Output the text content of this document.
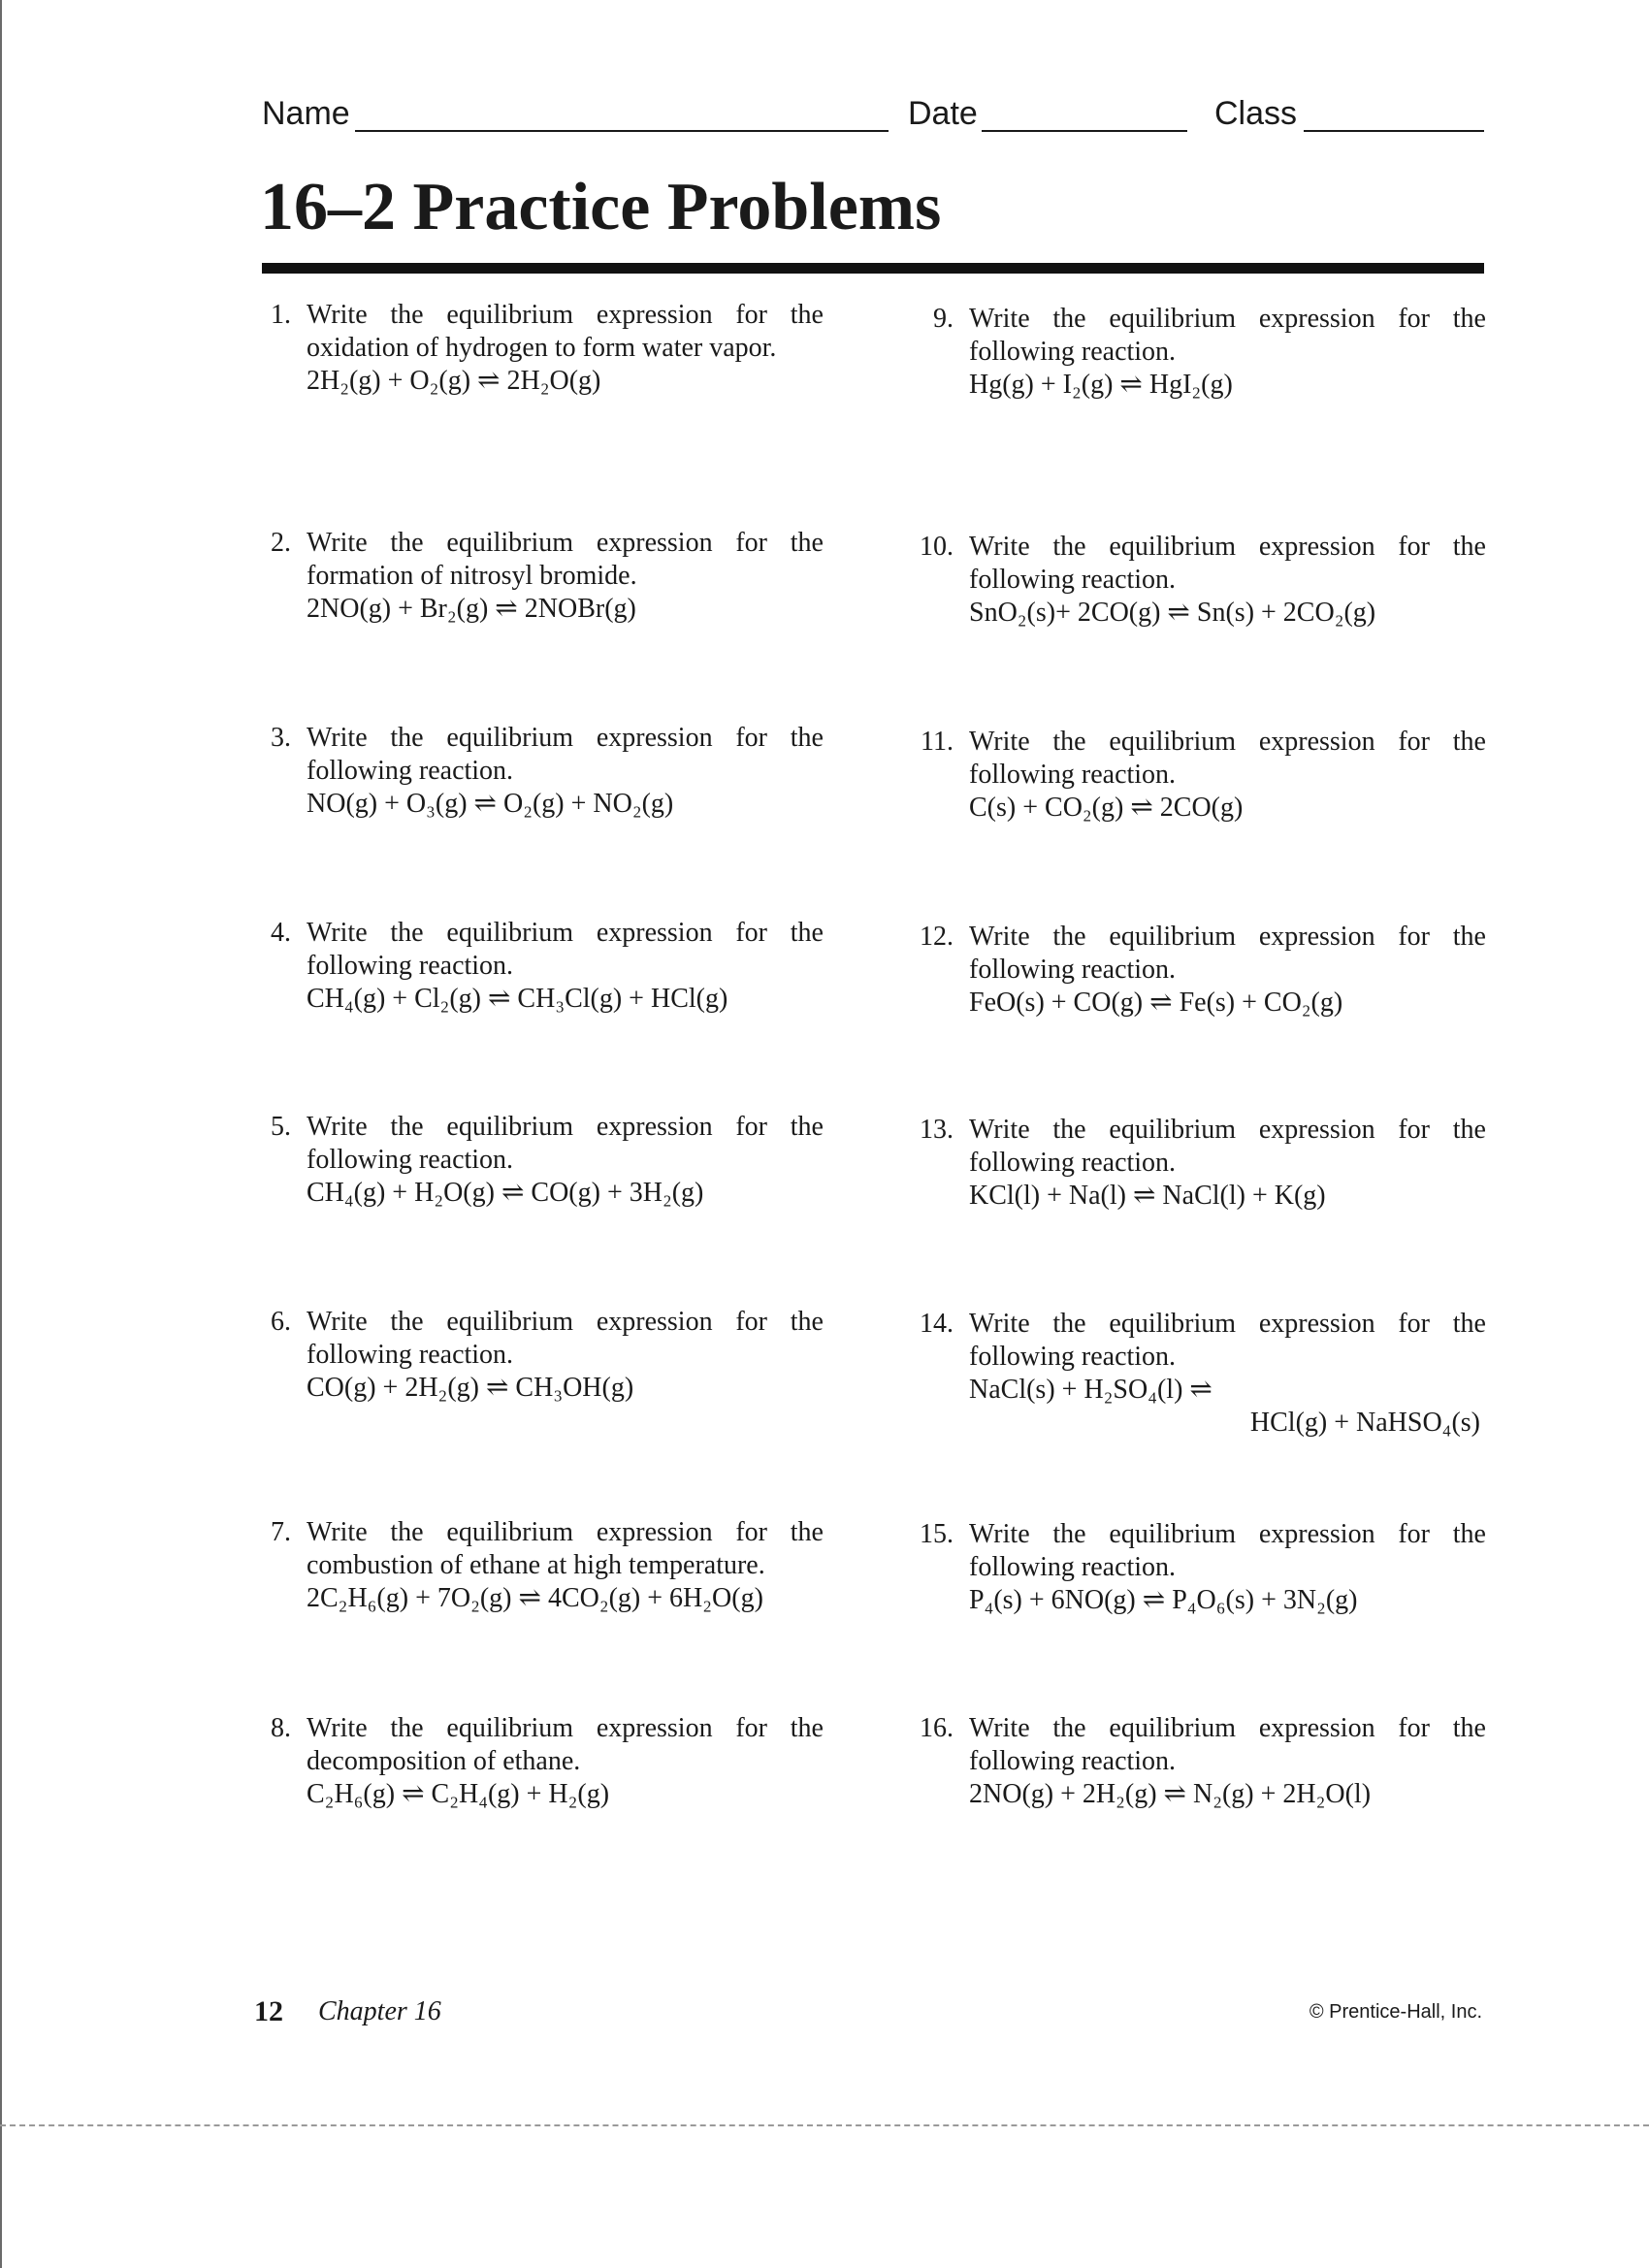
Name	Date	Class
16–2 Practice Problems
1. Write the equilibrium expression for the oxidation of hydrogen to form water vapor.
2H₂(g) + O₂(g) ⇌ 2H₂O(g)
2. Write the equilibrium expression for the formation of nitrosyl bromide.
2NO(g) + Br₂(g) ⇌ 2NOBr(g)
3. Write the equilibrium expression for the following reaction.
NO(g) + O₃(g) ⇌ O₂(g) + NO₂(g)
4. Write the equilibrium expression for the following reaction.
CH₄(g) + Cl₂(g) ⇌ CH₃Cl(g) + HCl(g)
5. Write the equilibrium expression for the following reaction.
CH₄(g) + H₂O(g) ⇌ CO(g) + 3H₂(g)
6. Write the equilibrium expression for the following reaction.
CO(g) + 2H₂(g) ⇌ CH₃OH(g)
7. Write the equilibrium expression for the combustion of ethane at high temperature.
2C₂H₆(g) + 7O₂(g) ⇌ 4CO₂(g) + 6H₂O(g)
8. Write the equilibrium expression for the decomposition of ethane.
C₂H₆(g) ⇌ C₂H₄(g) + H₂(g)
9. Write the equilibrium expression for the following reaction.
Hg(g) + I₂(g) ⇌ HgI₂(g)
10. Write the equilibrium expression for the following reaction.
SnO₂(s)+ 2CO(g) ⇌ Sn(s) + 2CO₂(g)
11. Write the equilibrium expression for the following reaction.
C(s) + CO₂(g) ⇌ 2CO(g)
12. Write the equilibrium expression for the following reaction.
FeO(s) + CO(g) ⇌ Fe(s) + CO₂(g)
13. Write the equilibrium expression for the following reaction.
KCl(l) + Na(l) ⇌ NaCl(l) + K(g)
14. Write the equilibrium expression for the following reaction.
NaCl(s) + H₂SO₄(l) ⇌
HCl(g) + NaHSO₄(s)
15. Write the equilibrium expression for the following reaction.
P₄(s) + 6NO(g) ⇌ P₄O₆(s) + 3N₂(g)
16. Write the equilibrium expression for the following reaction.
2NO(g) + 2H₂(g) ⇌ N₂(g) + 2H₂O(l)
12 Chapter 16	© Prentice-Hall, Inc.
